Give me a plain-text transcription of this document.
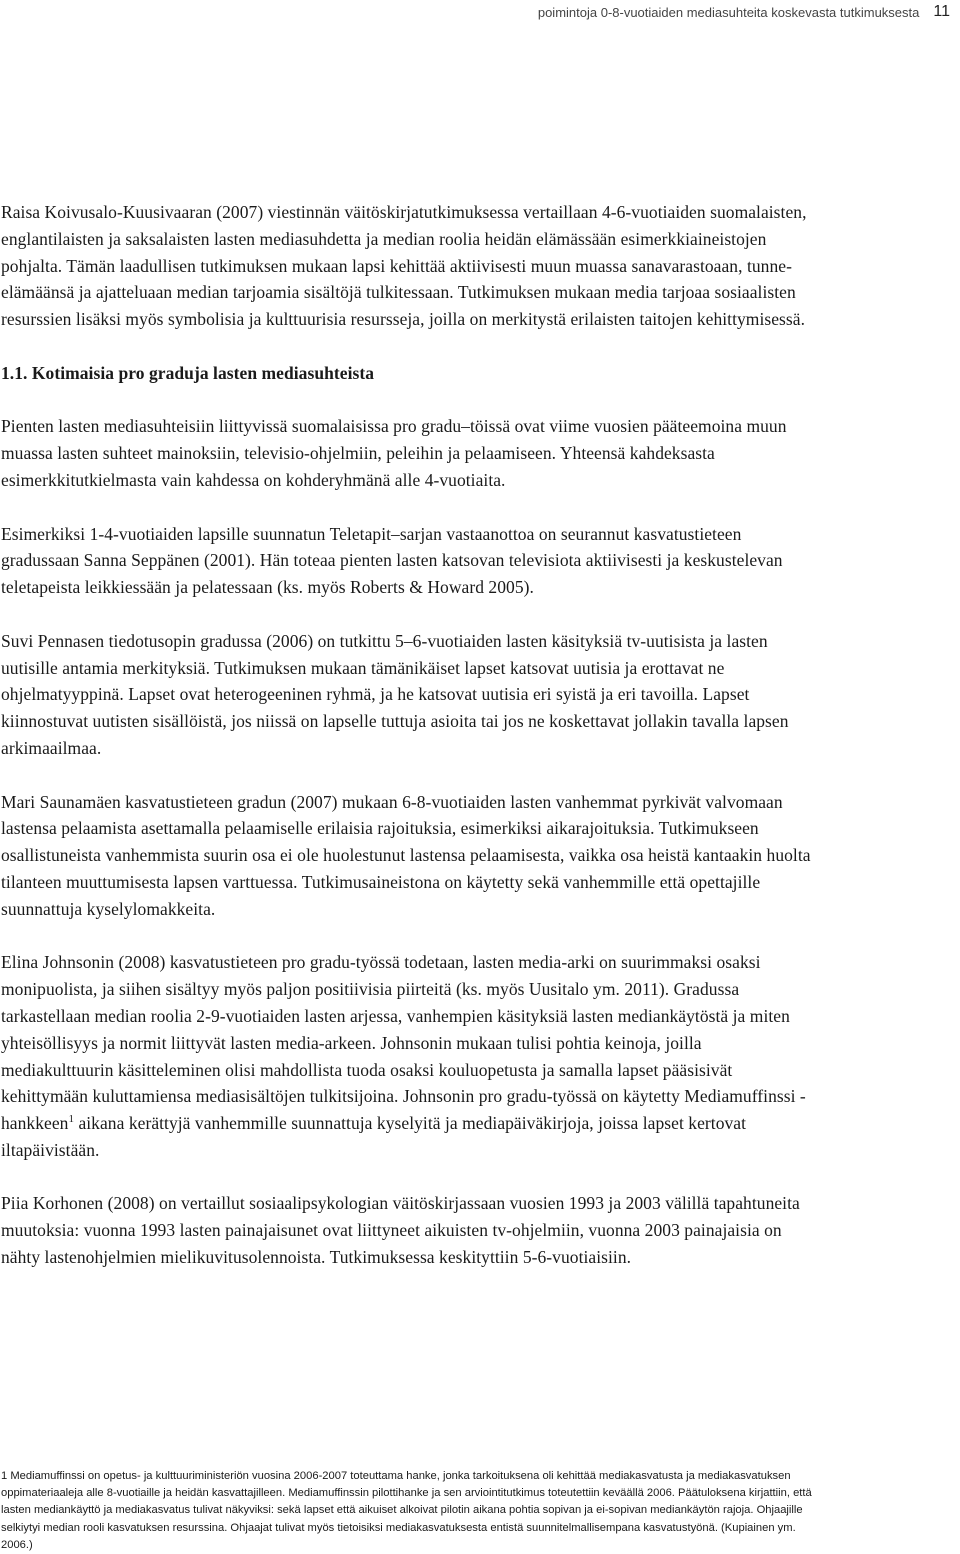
poimintoja 0-8-vuotiaiden mediasuhteita koskevasta tutkimuksesta 11

Raisa Koivusalo-Kuusivaaran (2007) viestinnän väitöskirjatutkimuksessa vertaillaan 4-6-vuotiaiden suomalaisten, englantilaisten ja saksalaisten lasten mediasuhdetta ja median roolia heidän elämässään esimerkkiaineistojen pohjalta. Tämän laadullisen tutkimuksen mukaan lapsi kehittää aktiivisesti muun muassa sanavarastoaan, tunne-elämäänsä ja ajatteluaan median tarjoamia sisältöjä tulkitessaan. Tutkimuksen mukaan media tarjoaa sosiaalisten resurssien lisäksi myös symbolisia ja kulttuurisia resursseja, joilla on merkitystä erilaisten taitojen kehittymisessä.

1.1. Kotimaisia pro graduja lasten mediasuhteista

Pienten lasten mediasuhteisiin liittyvissä suomalaisissa pro gradu–töissä ovat viime vuosien pääteemoina muun muassa lasten suhteet mainoksiin, televisio-ohjelmiin, peleihin ja pelaamiseen. Yhteensä kahdeksasta esimerkkitutkielmasta vain kahdessa on kohderyhmänä alle 4-vuotiaita.

Esimerkiksi 1-4-vuotiaiden lapsille suunnatun Teletapit–sarjan vastaanottoa on seurannut kasvatustieteen gradussaan Sanna Seppänen (2001). Hän toteaa pienten lasten katsovan televisiota aktiivisesti ja keskustelevan teletapeista leikkiessään ja pelatessaan (ks. myös Roberts & Howard 2005).

Suvi Pennasen tiedotusopin gradussa (2006) on tutkittu 5–6-vuotiaiden lasten käsityksiä tv-uutisista ja lasten uutisille antamia merkityksiä. Tutkimuksen mukaan tämänikäiset lapset katsovat uutisia ja erottavat ne ohjelmatyyppinä. Lapset ovat heterogeeninen ryhmä, ja he katsovat uutisia eri syistä ja eri tavoilla. Lapset kiinnostuvat uutisten sisällöistä, jos niissä on lapselle tuttuja asioita tai jos ne koskettavat jollakin tavalla lapsen arkimaailmaa.

Mari Saunamäen kasvatustieteen gradun (2007) mukaan 6-8-vuotiaiden lasten vanhemmat pyrkivät valvomaan lastensa pelaamista asettamalla pelaamiselle erilaisia rajoituksia, esimerkiksi aikarajoituksia. Tutkimukseen osallistuneista vanhemmista suurin osa ei ole huolestunut lastensa pelaamisesta, vaikka osa heistä kantaakin huolta tilanteen muuttumisesta lapsen varttuessa. Tutkimusaineistona on käytetty sekä vanhemmille että opettajille suunnattuja kyselylomakkeita.

Elina Johnsonin (2008) kasvatustieteen pro gradu-työssä todetaan, lasten media-arki on suurimmaksi osaksi monipuolista, ja siihen sisältyy myös paljon positiivisia piirteitä (ks. myös Uusitalo ym. 2011). Gradussa tarkastellaan median roolia 2-9-vuotiaiden lasten arjessa, vanhempien käsityksiä lasten mediankäytöstä ja miten yhteisöllisyys ja normit liittyvät lasten media-arkeen. Johnsonin mukaan tulisi pohtia keinoja, joilla mediakulttuurin käsitteleminen olisi mahdollista tuoda osaksi kouluopetusta ja samalla lapset pääsisivät kehittymään kuluttamiensa mediasisältöjen tulkitsijoina. Johnsonin pro gradu-työssä on käytetty Mediamuffinssi -hankkeen$^1$ aikana kerättyjä vanhemmille suunnattuja kyselyitä ja mediapäiväkirjoja, joissa lapset kertovat iltapäivistään.

Piia Korhonen (2008) on vertaillut sosiaalipsykologian väitöskirjassaan vuosien 1993 ja 2003 välillä tapahtuneita muutoksia: vuonna 1993 lasten painajaisunet ovat liittyneet aikuisten tv-ohjelmiin, vuonna 2003 painajaisia on nähty lastenohjelmien mielikuvitusolennoista. Tutkimuksessa keskityttiin 5-6-vuotiaisiin.

1 Mediamuffinssi on opetus- ja kulttuuriministeriön vuosina 2006-2007 toteuttama hanke, jonka tarkoituksena oli kehittää mediakasvatusta ja mediakasvatuksen oppimateriaaleja alle 8-vuotiaille ja heidän kasvattajilleen. Mediamuffinssin pilottihanke ja sen arviointitutkimus toteutettiin keväällä 2006. Päätuloksena kirjattiin, että lasten mediankäyttö ja mediakasvatus tulivat näkyviksi: sekä lapset että aikuiset alkoivat pilotin aikana pohtia sopivan ja ei-sopivan mediankäytön rajoja. Ohjaajille selkiytyi median rooli kasvatuksen resurssina. Ohjaajat tulivat myös tietoisiksi mediakasvatuksesta entistä suunnitelmallisempana kasvatustyönä. (Kupiainen ym. 2006.)
